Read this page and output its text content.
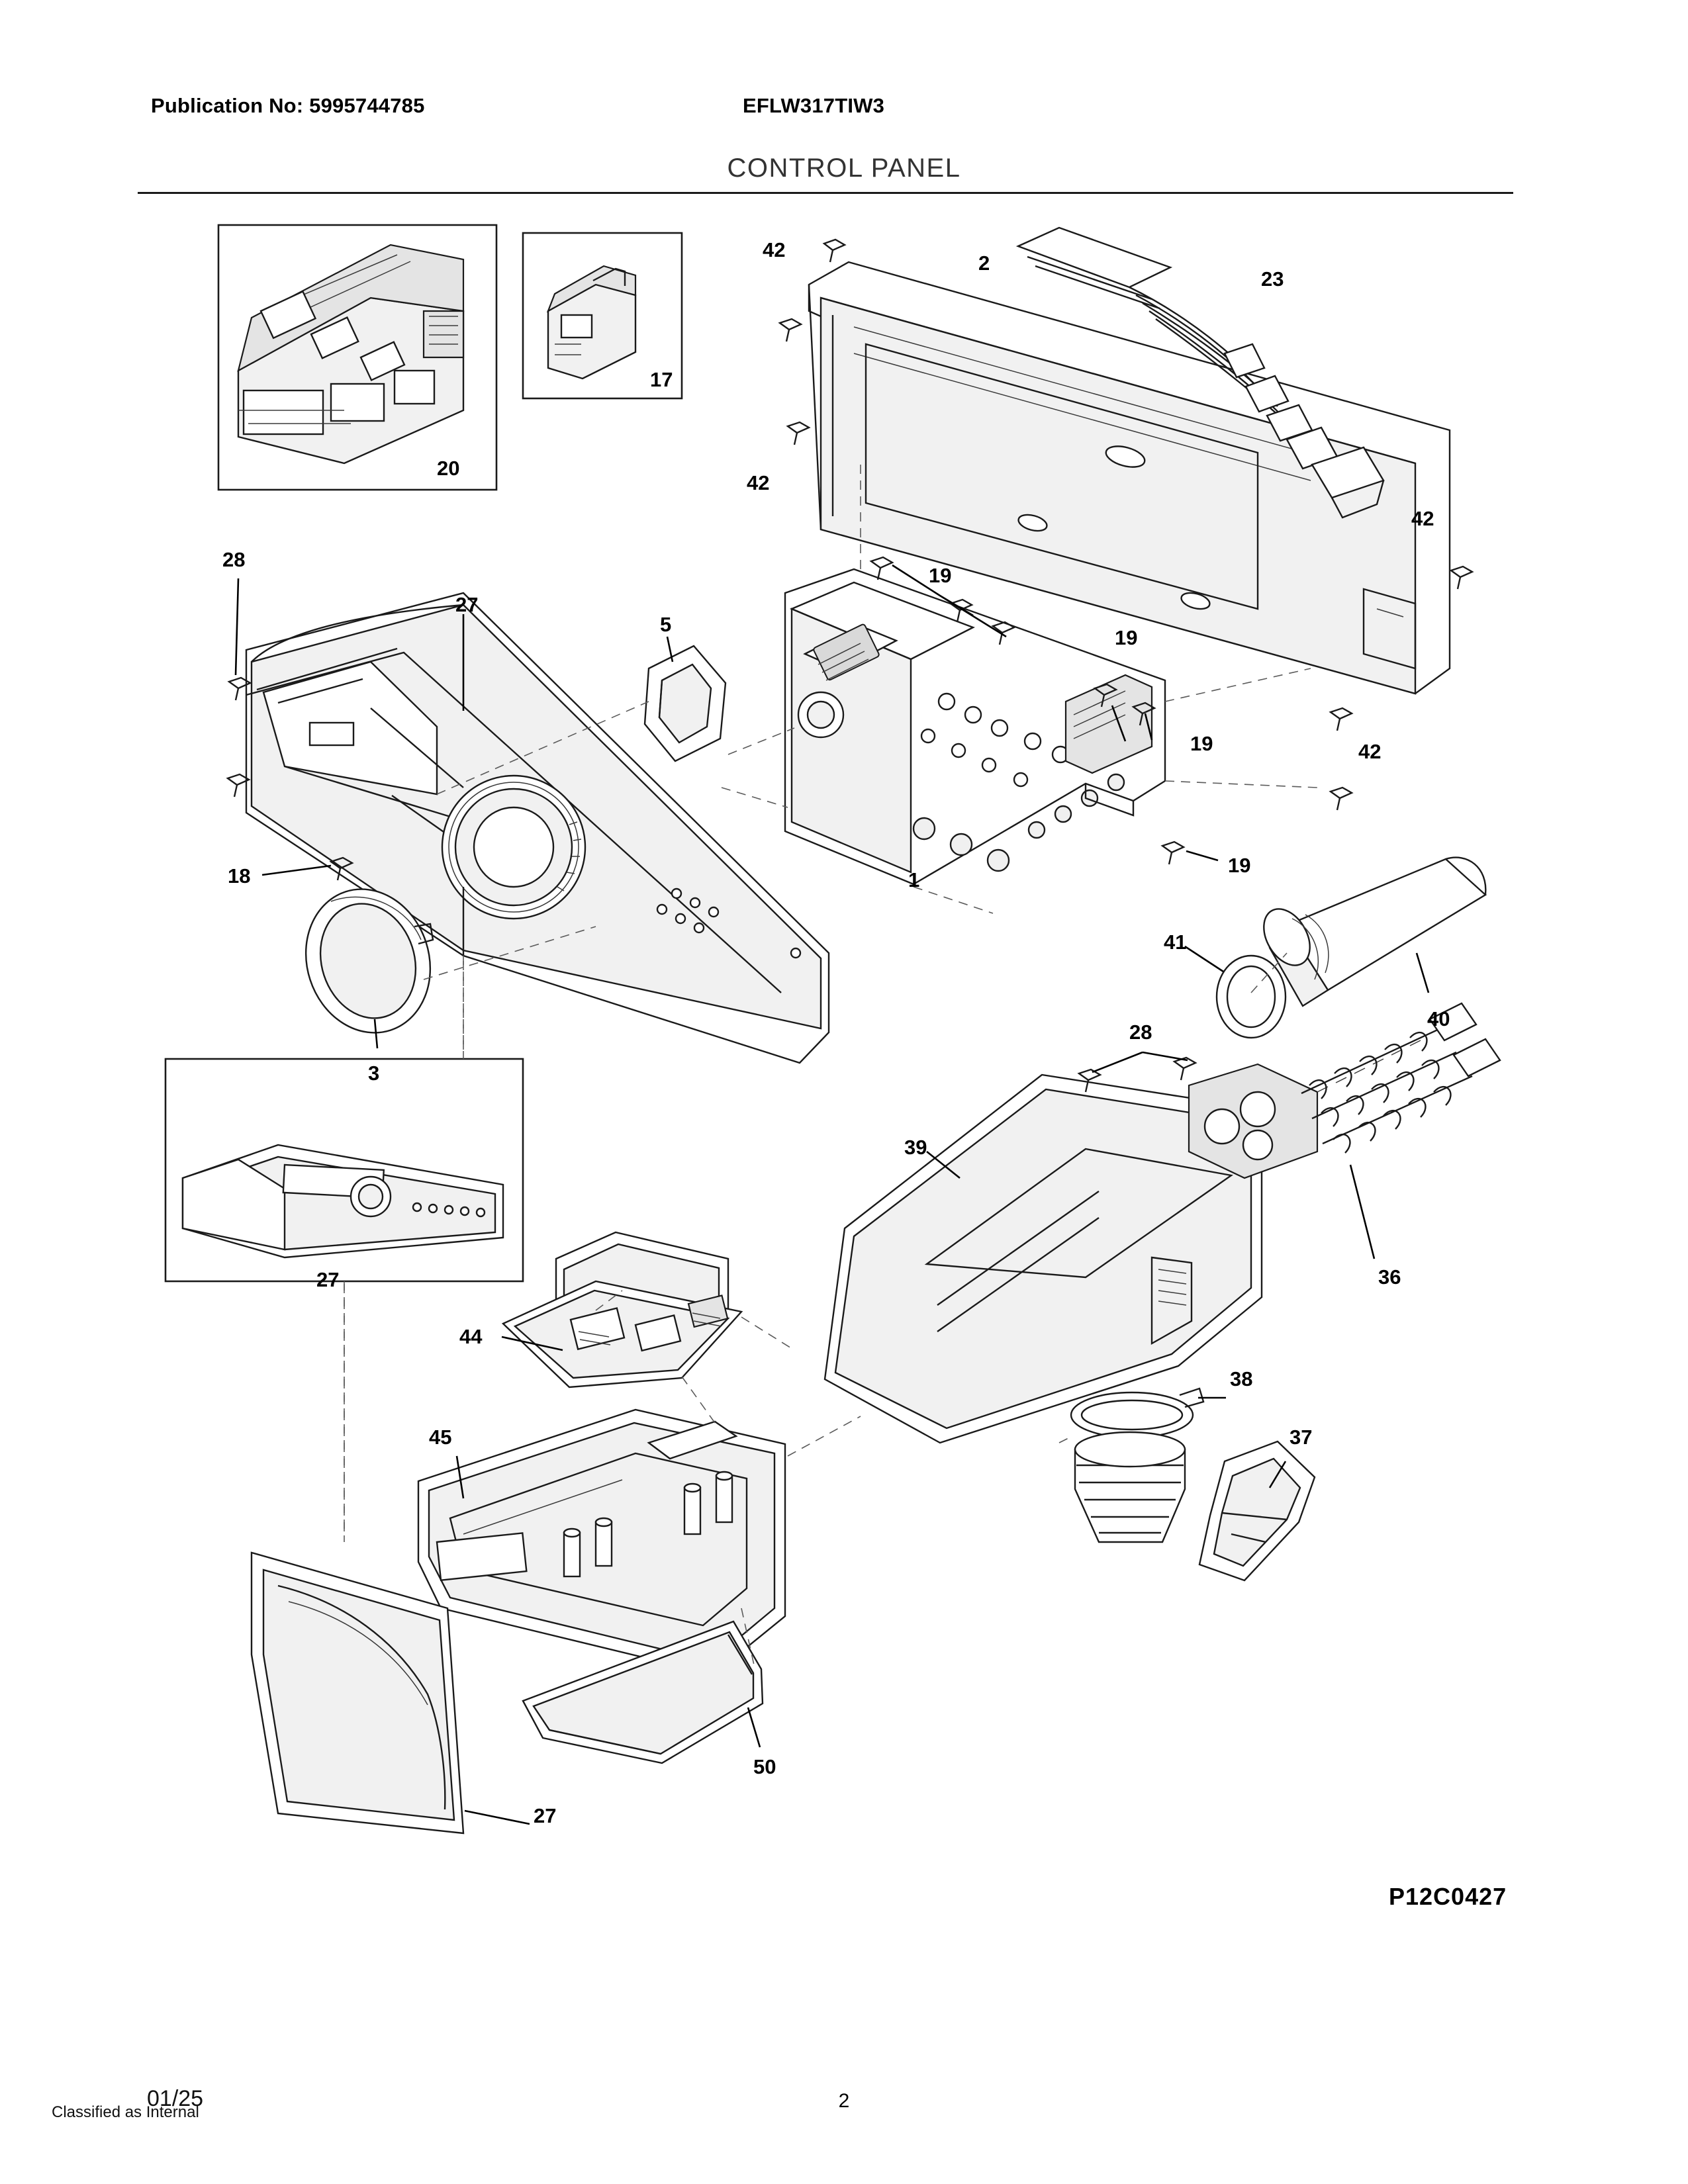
Publication No: 5995744785	EFLW317TIW3
CONTROL PANEL
42
2
23
17
20
42
42
28
27
19
19
5
19	42
18	1
19
41
40
3
28
39
36
27
44
38
45	37
50
27
P12C0427
01/25	2
Classified as Internal
